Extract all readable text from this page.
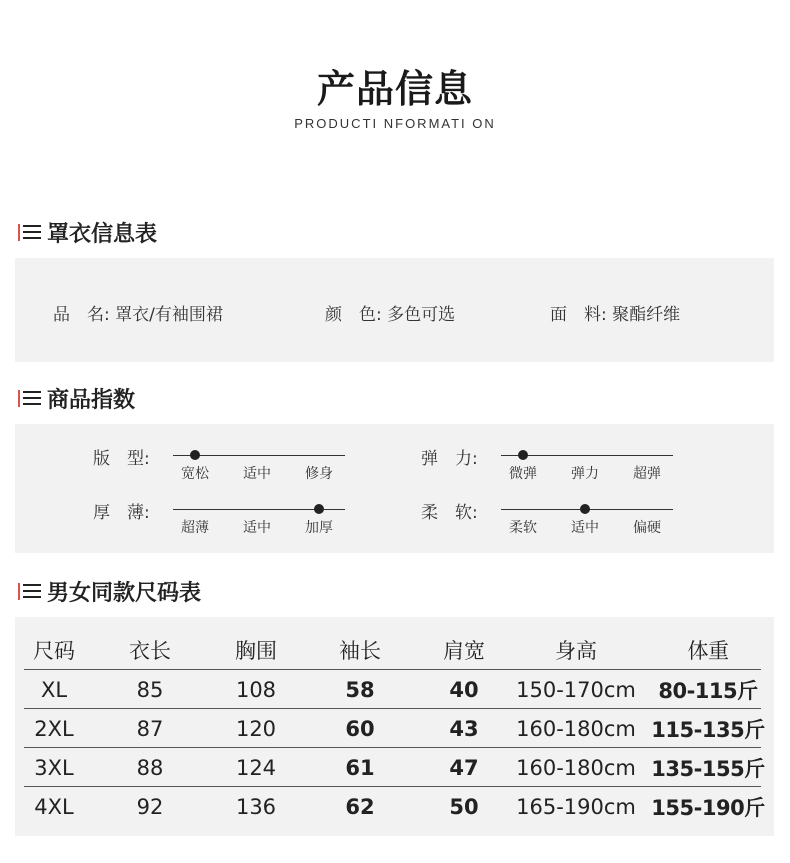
产品信息
PRODUCTI NFORMATI ON
罩衣信息表
品　名: 罩衣/有袖围裙	颜　色: 多色可选	面　料: 聚酯纤维
商品指数
版　型:
宽松 适中 修身
弹　力:
微弹 弹力 超弹
厚　薄:
超薄 适中 加厚
柔　软:
柔软 适中 偏硬
男女同款尺码表
尺码	衣长	胸围	袖长	肩宽	身高	体重
XL	85	108	58	40	150-170cm	80-115斤
2XL	87	120	60	43	160-180cm 115-135斤
3XL	88	124	61	47	160-180cm 135-155斤
4XL	92	136	62	50	165-190cm 155-190斤
